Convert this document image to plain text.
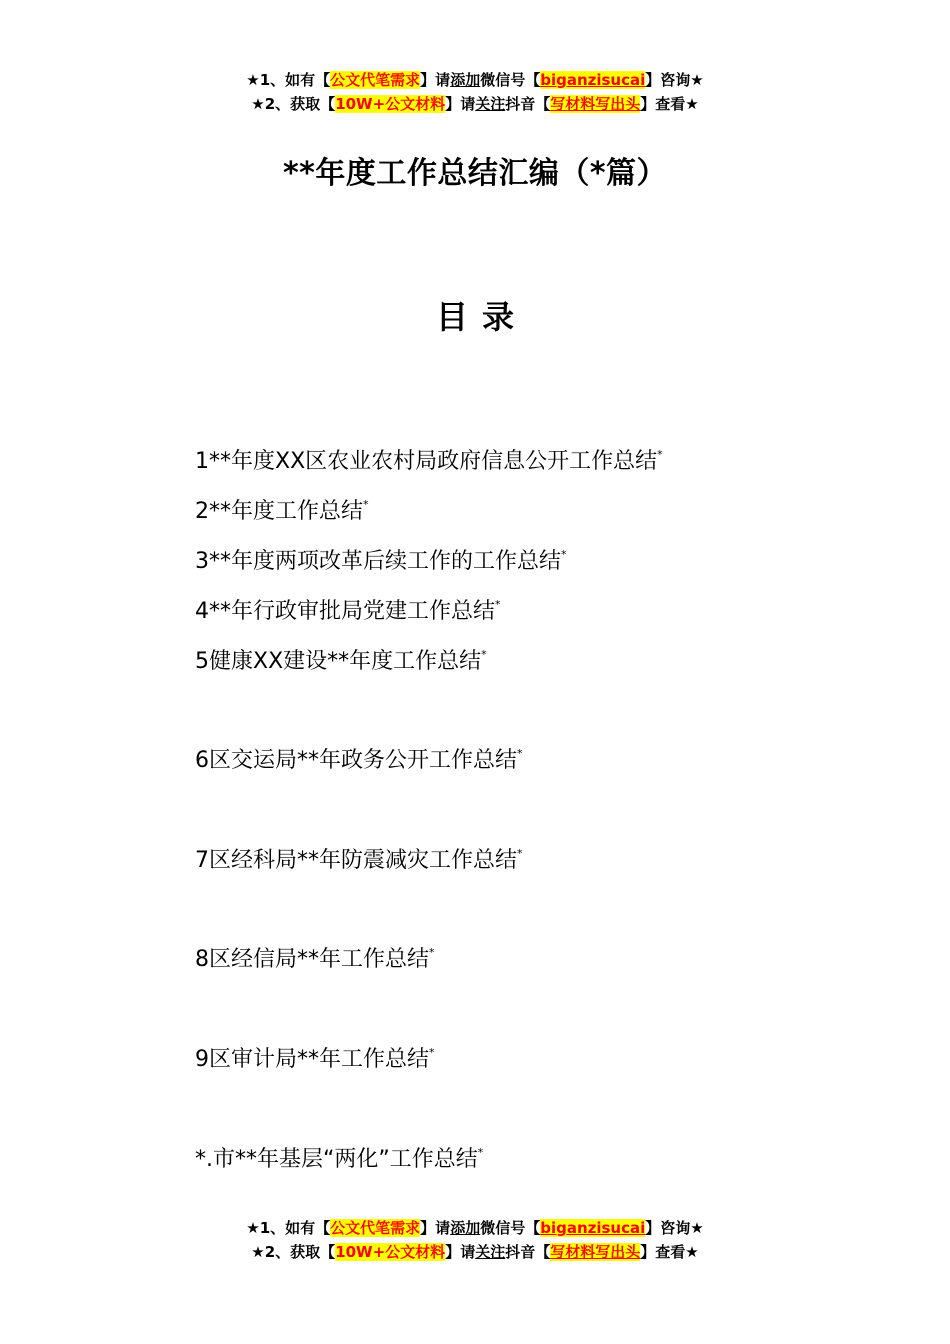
★1、如有【公文代笔需求】请添加微信号【biganzisucai】咨询★
★2、获取【10W+公文材料】请关注抖音【写材料写出头】查看★
**年度工作总结汇编（*篇）
目录
1**年度XX区农业农村局政府信息公开工作总结*
2**年度工作总结*
3**年度两项改革后续工作的工作总结*
4**年行政审批局党建工作总结*
5健康XX建设**年度工作总结*
6区交运局**年政务公开工作总结*
7区经科局**年防震减灾工作总结*
8区经信局**年工作总结*
9区审计局**年工作总结*
*.市**年基层“两化”工作总结*
★1、如有【公文代笔需求】请添加微信号【biganzisucai】咨询★
★2、获取【10W+公文材料】请关注抖音【写材料写出头】查看★
